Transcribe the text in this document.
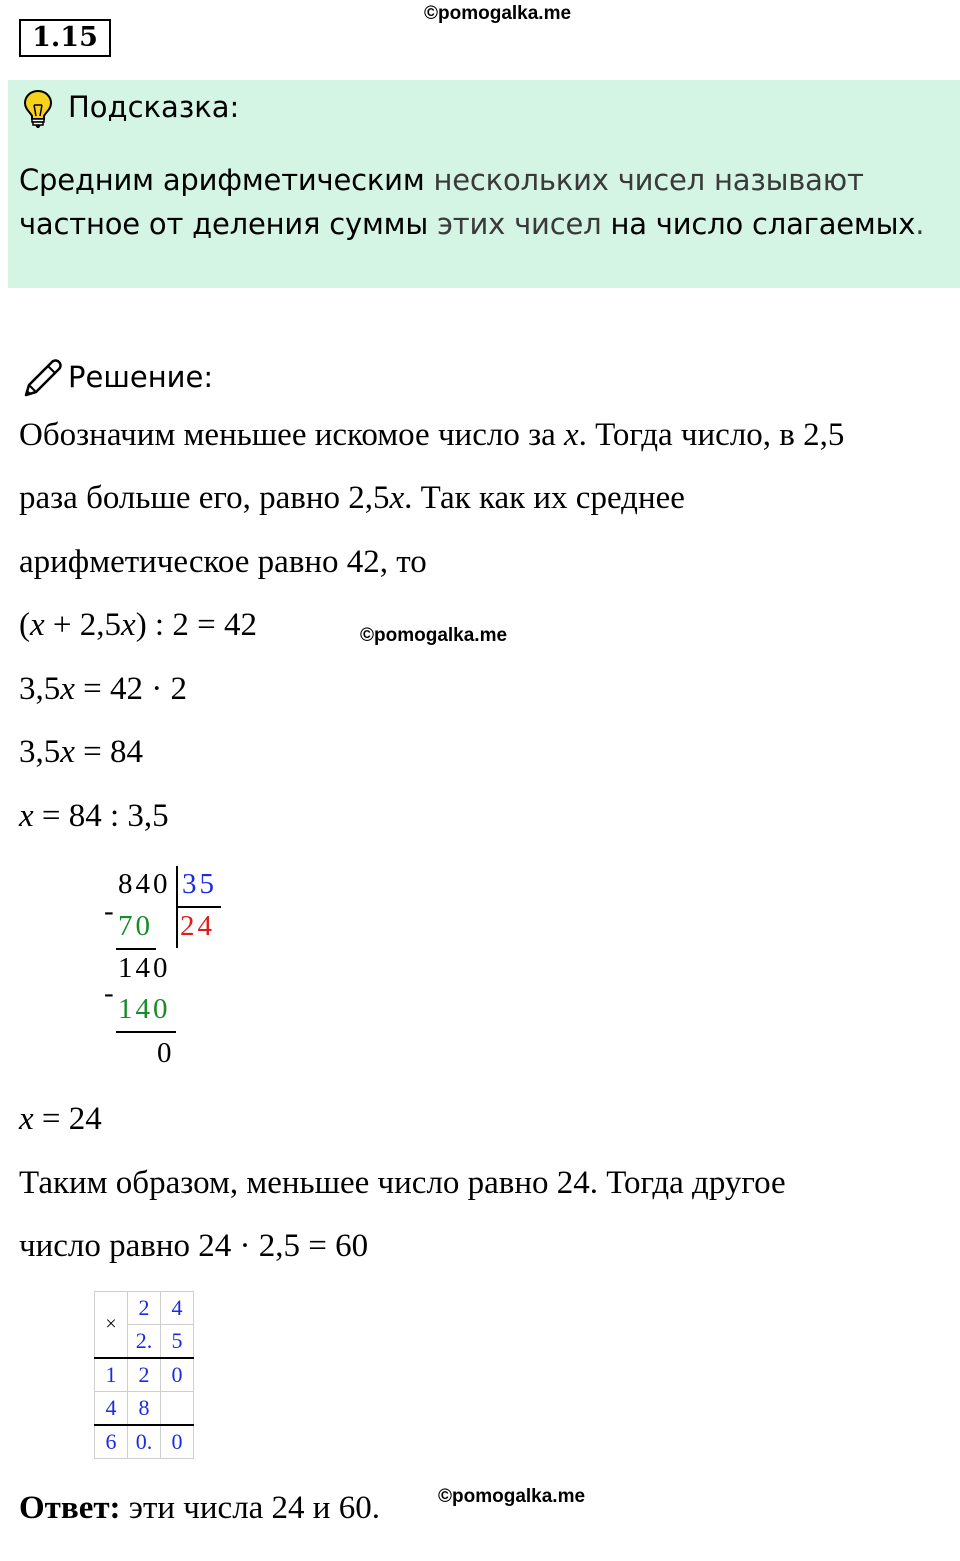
1.15
©pomogalka.me
Подсказка:
Средним арифметическим нескольких чисел называют
частное от деления суммы этих чисел на число слагаемых.
Решение:
Обозначим меньшее искомое число за x. Тогда число, в 2,5
раза больше его, равно 2,5x. Так как их среднее
арифметическое равно 42, то
(x + 2,5x) : 2 = 42	©pomogalka.me
3,5x = 42 · 2
3,5x = 84
x = 84 : 3,5
840 35
- 70 24
140
- 140
0
x = 24
Таким образом, меньшее число равно 24. Тогда другое
число равно 24 · 2,5 = 60
×	2	4
	2.	5
1	2	0
4	8	
6	0.	0
©pomogalka.me
Ответ: эти числа 24 и 60.
